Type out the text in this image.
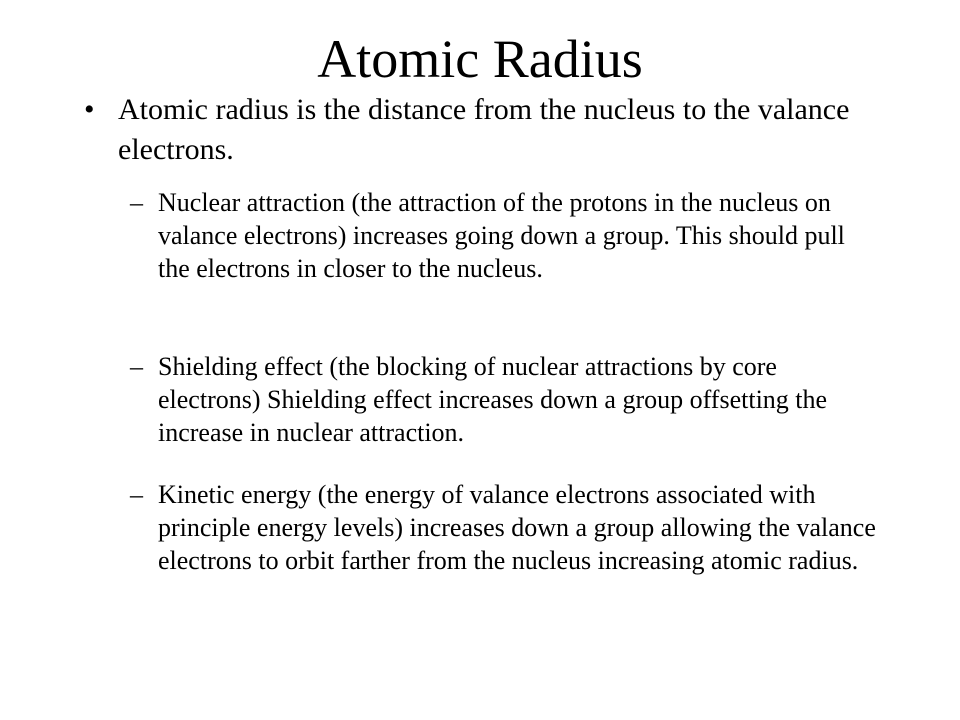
Atomic Radius
• Atomic radius is the distance from the nucleus to the valance electrons.
– Nuclear attraction (the attraction of the protons in the nucleus on valance electrons) increases going down a group. This should pull the electrons in closer to the nucleus.
– Shielding effect (the blocking of nuclear attractions by core electrons) Shielding effect increases down a group offsetting the increase in nuclear attraction.
– Kinetic energy (the energy of valance electrons associated with principle energy levels) increases down a group allowing the valance electrons to orbit farther from the nucleus increasing atomic radius.
